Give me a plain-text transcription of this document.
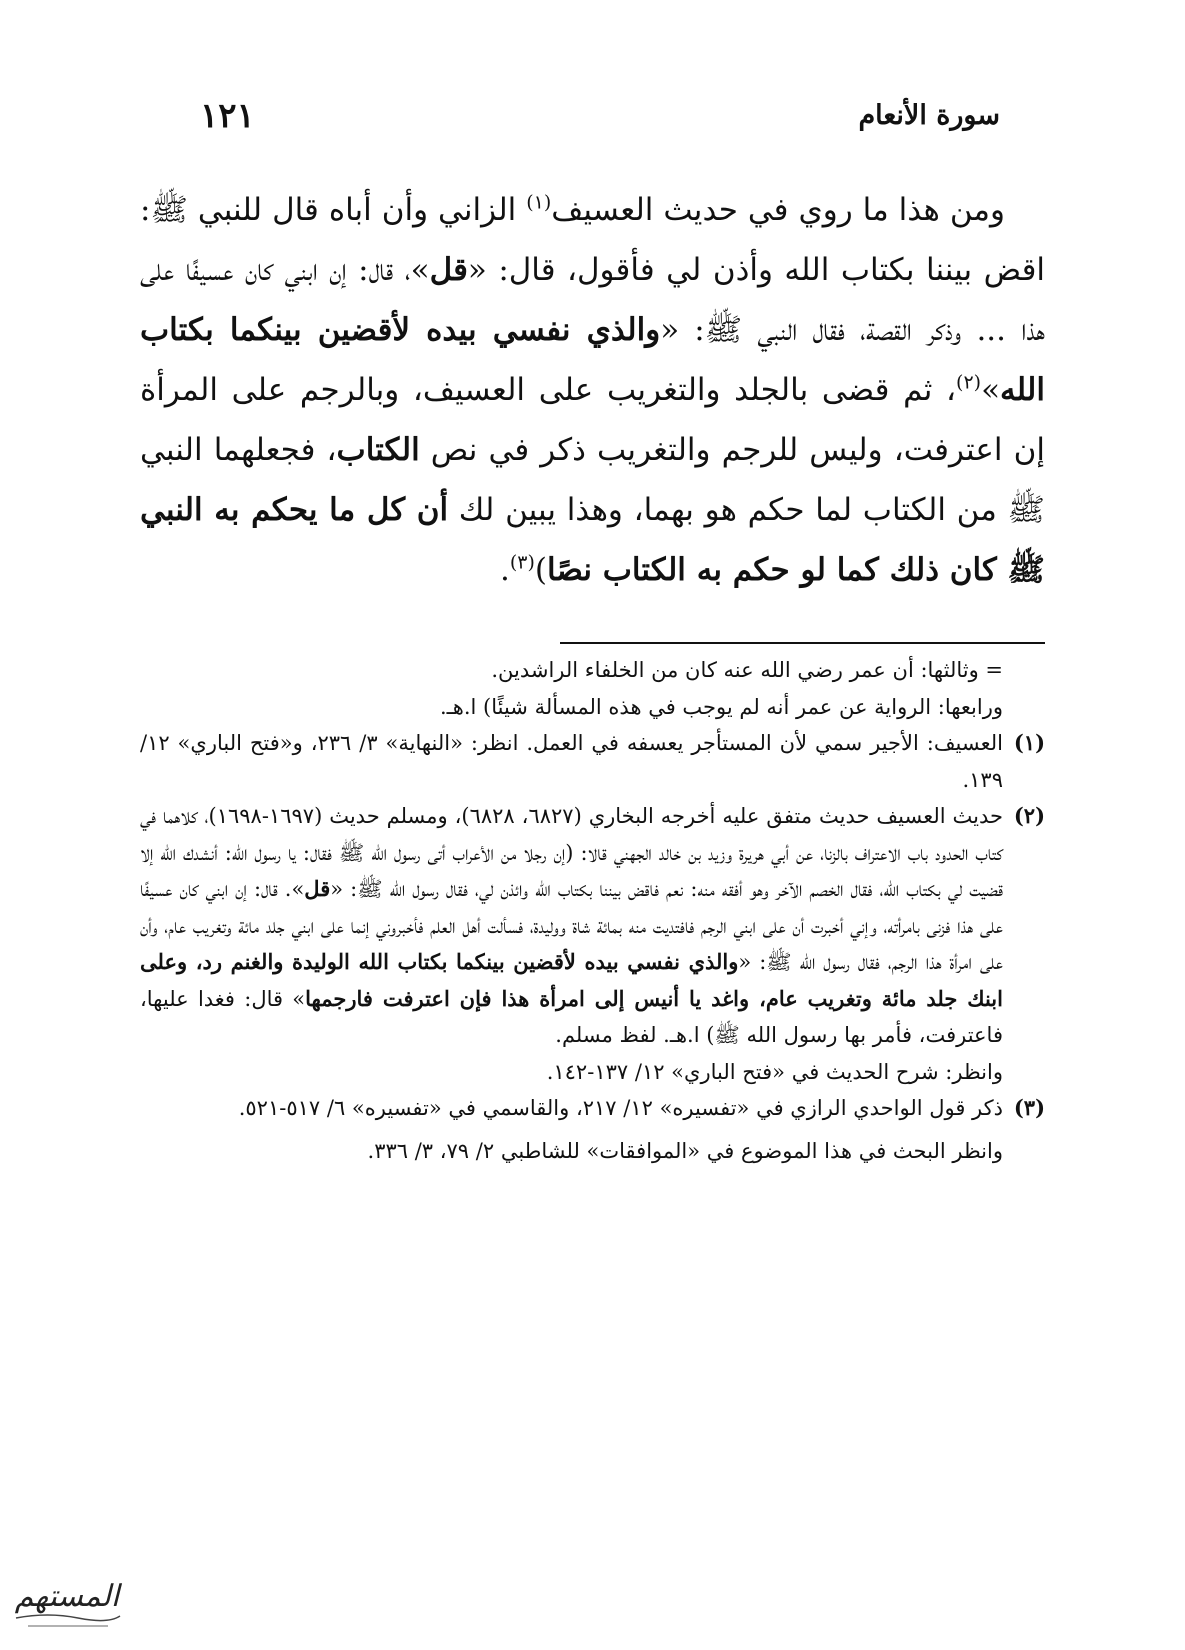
سورة الأنعام
١٢١

ومن هذا ما روي في حديث العسيف$^{(١)}$ الزاني وأن أباه قال للنبي ﷺ: اقض بيننا بكتاب الله وأذن لي فأقول، قال: «قل»، قال: إن ابني كان عسيفًا على هذا ... وذكر القصة، فقال النبي ﷺ: «والذي نفسي بيده لأقضين بينكما بكتاب الله»$^{(٢)}$، ثم قضى بالجلد والتغريب على العسيف، وبالرجم على المرأة إن اعترفت، وليس للرجم والتغريب ذكر في نص الكتاب، فجعلهما النبي ﷺ من الكتاب لما حكم هو بهما، وهذا يبين لك أن كل ما يحكم به النبي ﷺ كان ذلك كما لو حكم به الكتاب نصًا)$^{(٣)}$.

= وثالثها: أن عمر رضي الله عنه كان من الخلفاء الراشدين.
ورابعها: الرواية عن عمر أنه لم يوجب في هذه المسألة شيئًا) ا.هـ.
(١)
العسيف: الأجير سمي لأن المستأجر يعسفه في العمل. انظر: «النهاية» ٣/ ٢٣٦، و«فتح الباري» ١٢/ ١٣٩.
(٢)
حديث العسيف حديث متفق عليه أخرجه البخاري (٦٨٢٧، ٦٨٢٨)، ومسلم حديث (١٦٩٧-١٦٩٨)، كلاهما في كتاب الحدود باب الاعتراف بالزنا، عن أبي هريرة وزيد بن خالد الجهني قالا: (إن رجلا من الأعراب أتى رسول الله ﷺ فقال: يا رسول الله: أنشدك الله إلا قضيت لي بكتاب الله، فقال الخصم الآخر وهو أفقه منه: نعم فاقض بيننا بكتاب الله وائذن لي، فقال رسول الله ﷺ: «قل». قال: إن ابني كان عسيفًا على هذا فزنى بامرأته، وإني أخبرت أن على ابني الرجم فافتديت منه بمائة شاة ووليدة، فسألت أهل العلم فأخبروني إنما على ابني جلد مائة وتغريب عام، وأن على امرأة هذا الرجم، فقال رسول الله ﷺ: «والذي نفسي بيده لأقضين بينكما بكتاب الله الوليدة والغنم رد، وعلى ابنك جلد مائة وتغريب عام، واغد يا أنيس إلى امرأة هذا فإن اعترفت فارجمها» قال: فغدا عليها، فاعترفت، فأمر بها رسول الله ﷺ) ا.هـ. لفظ مسلم.
وانظر: شرح الحديث في «فتح الباري» ١٢/ ١٣٧-١٤٢.
(٣)
ذكر قول الواحدي الرازي في «تفسيره» ١٢/ ٢١٧، والقاسمي في «تفسيره» ٦/ ٥١٧-٥٢١.
وانظر البحث في هذا الموضوع في «الموافقات» للشاطبي ٢/ ٧٩، ٣/ ٣٣٦.
المستهم
